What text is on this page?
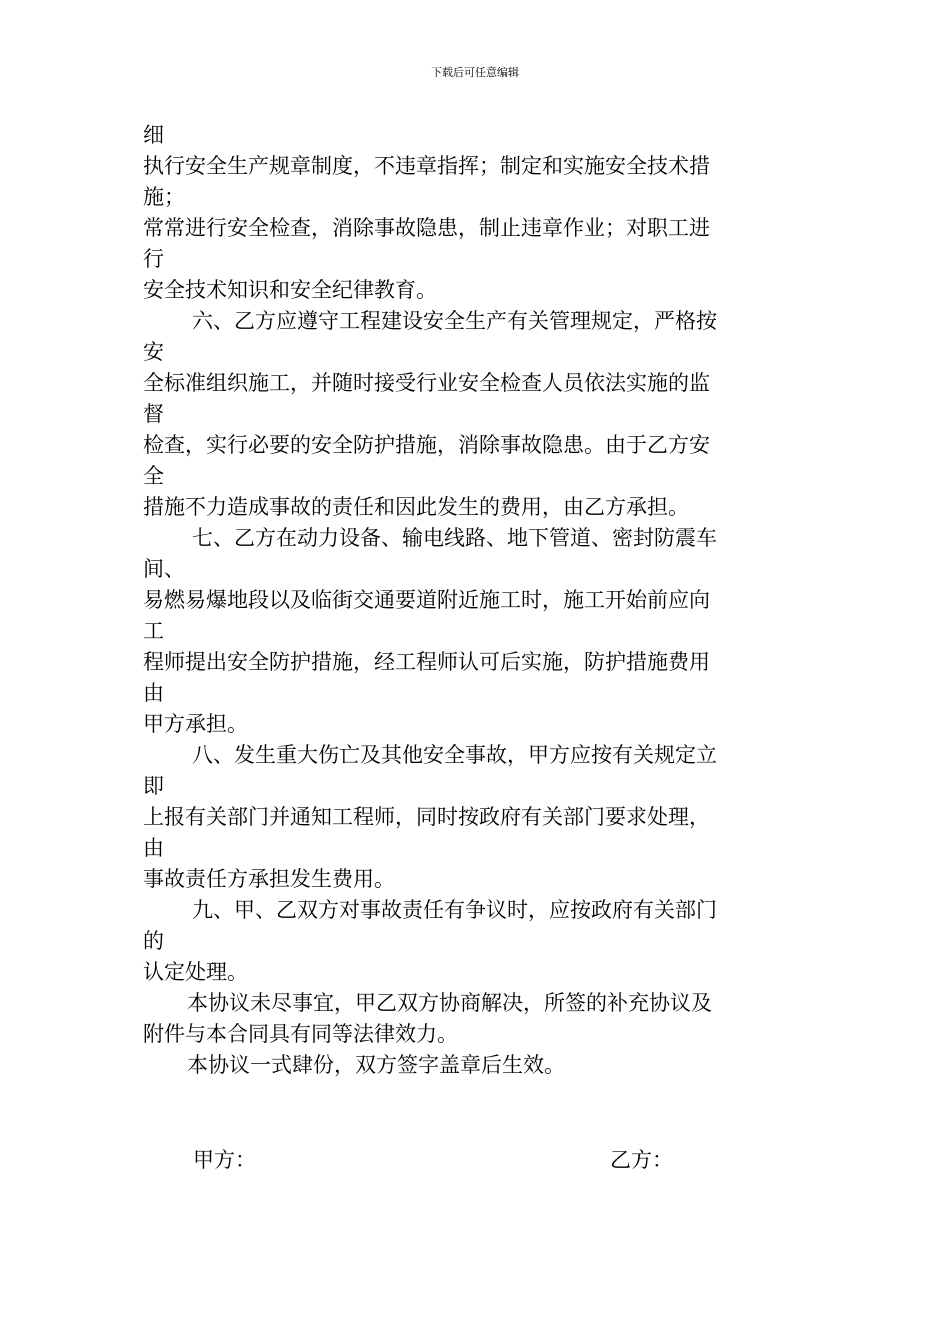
下载后可任意编辑
细
执行安全生产规章制度，不违章指挥；制定和实施安全技术措
施；
常常进行安全检查，消除事故隐患，制止违章作业；对职工进
行
安全技术知识和安全纪律教育。
六、乙方应遵守工程建设安全生产有关管理规定，严格按
安
全标准组织施工，并随时接受行业安全检查人员依法实施的监
督
检查，实行必要的安全防护措施，消除事故隐患。由于乙方安
全
措施不力造成事故的责任和因此发生的费用，由乙方承担。
七、乙方在动力设备、输电线路、地下管道、密封防震车
间、
易燃易爆地段以及临街交通要道附近施工时，施工开始前应向
工
程师提出安全防护措施，经工程师认可后实施，防护措施费用
由
甲方承担。
八、发生重大伤亡及其他安全事故，甲方应按有关规定立
即
上报有关部门并通知工程师，同时按政府有关部门要求处理，
由
事故责任方承担发生费用。
九、甲、乙双方对事故责任有争议时，应按政府有关部门
的
认定处理。
本协议未尽事宜，甲乙双方协商解决，所签的补充协议及
附件与本合同具有同等法律效力。
本协议一式肆份，双方签字盖章后生效。
甲方：	乙方：
